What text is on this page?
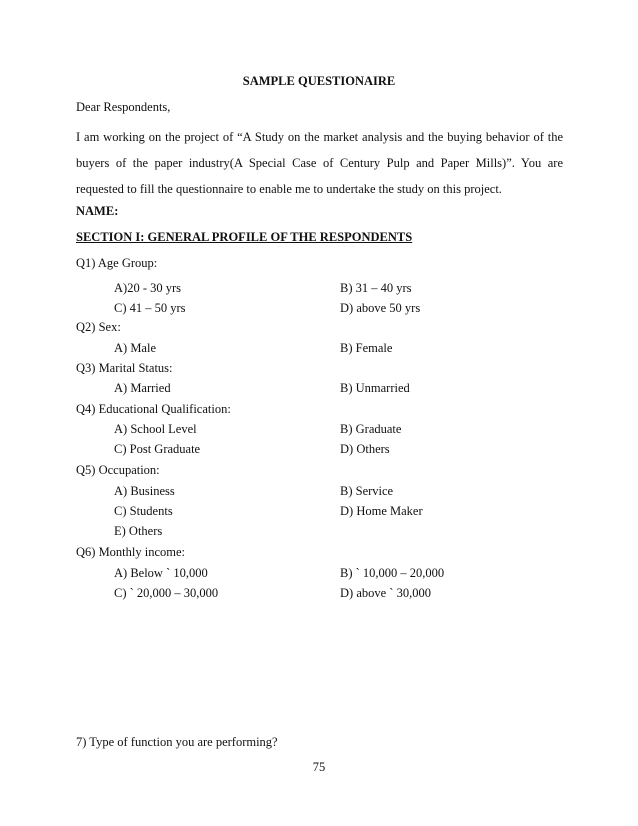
SAMPLE QUESTIONAIRE
Dear Respondents,
I am working on the project of “A Study on the market analysis and the buying behavior of the buyers of the paper industry(A Special Case of Century Pulp and Paper Mills)”. You are requested to fill the questionnaire to enable me to undertake the study on this project.
NAME:
SECTION I: GENERAL PROFILE OF THE RESPONDENTS
Q1) Age Group:
A)20 - 30 yrs	B) 31 – 40 yrs
C) 41 – 50 yrs	D) above 50 yrs
Q2) Sex:
A) Male	B) Female
Q3) Marital Status:
A) Married	B) Unmarried
Q4) Educational Qualification:
A) School Level	B) Graduate
C) Post Graduate	D) Others
Q5) Occupation:
A) Business	B) Service
C) Students	D) Home Maker
E) Others
Q6) Monthly income:
A) Below ` 10,000	B) ` 10,000 – 20,000
C) ` 20,000 – 30,000	D) above ` 30,000
7) Type of function you are performing?
75
